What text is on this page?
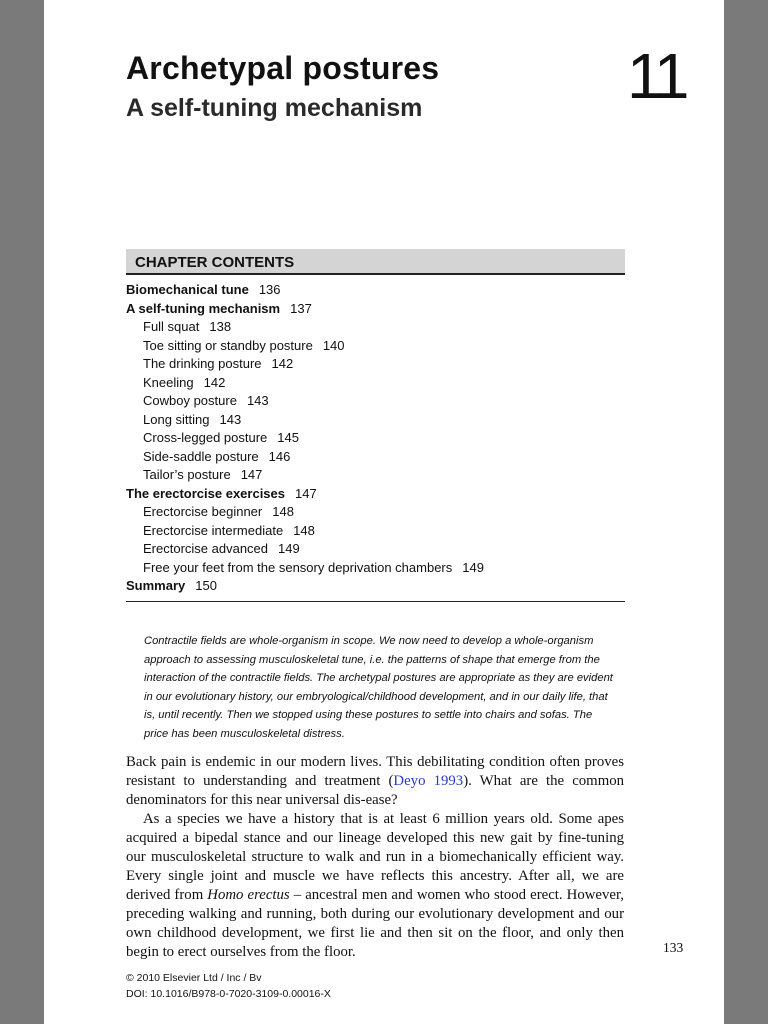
Archetypal postures
A self-tuning mechanism	11
CHAPTER CONTENTS
Biomechanical tune 136
A self-tuning mechanism 137
Full squat 138
Toe sitting or standby posture 140
The drinking posture 142
Kneeling 142
Cowboy posture 143
Long sitting 143
Cross-legged posture 145
Side-saddle posture 146
Tailor’s posture 147
The erectorcise exercises 147
Erectorcise beginner 148
Erectorcise intermediate 148
Erectorcise advanced 149
Free your feet from the sensory deprivation chambers 149
Summary 150

Contractile fields are whole-organism in scope. We now need to develop a whole-organism approach to assessing musculoskeletal tune, i.e. the patterns of shape that emerge from the interaction of the contractile fields. The archetypal postures are appropriate as they are evident in our evolutionary history, our embryological/childhood development, and in our daily life, that is, until recently. Then we stopped using these postures to settle into chairs and sofas. The price has been musculoskeletal distress.

Back pain is endemic in our modern lives. This debilitating condition often proves resistant to understanding and treatment (Deyo 1993). What are the common denominators for this near universal dis-ease?

As a species we have a history that is at least 6 million years old. Some apes acquired a bipedal stance and our lineage developed this new gait by fine-tuning our musculoskeletal structure to walk and run in a biomechanically efficient way. Every single joint and muscle we have reflects this ancestry. After all, we are derived from Homo erectus – ancestral men and women who stood erect. However, preceding walking and running, both during our evolutionary development and our own childhood development, we first lie and then sit on the floor, and only then begin to erect ourselves from the floor.	133
© 2010 Elsevier Ltd / Inc / Bv
DOI: 10.1016/B978-0-7020-3109-0.00016-X
